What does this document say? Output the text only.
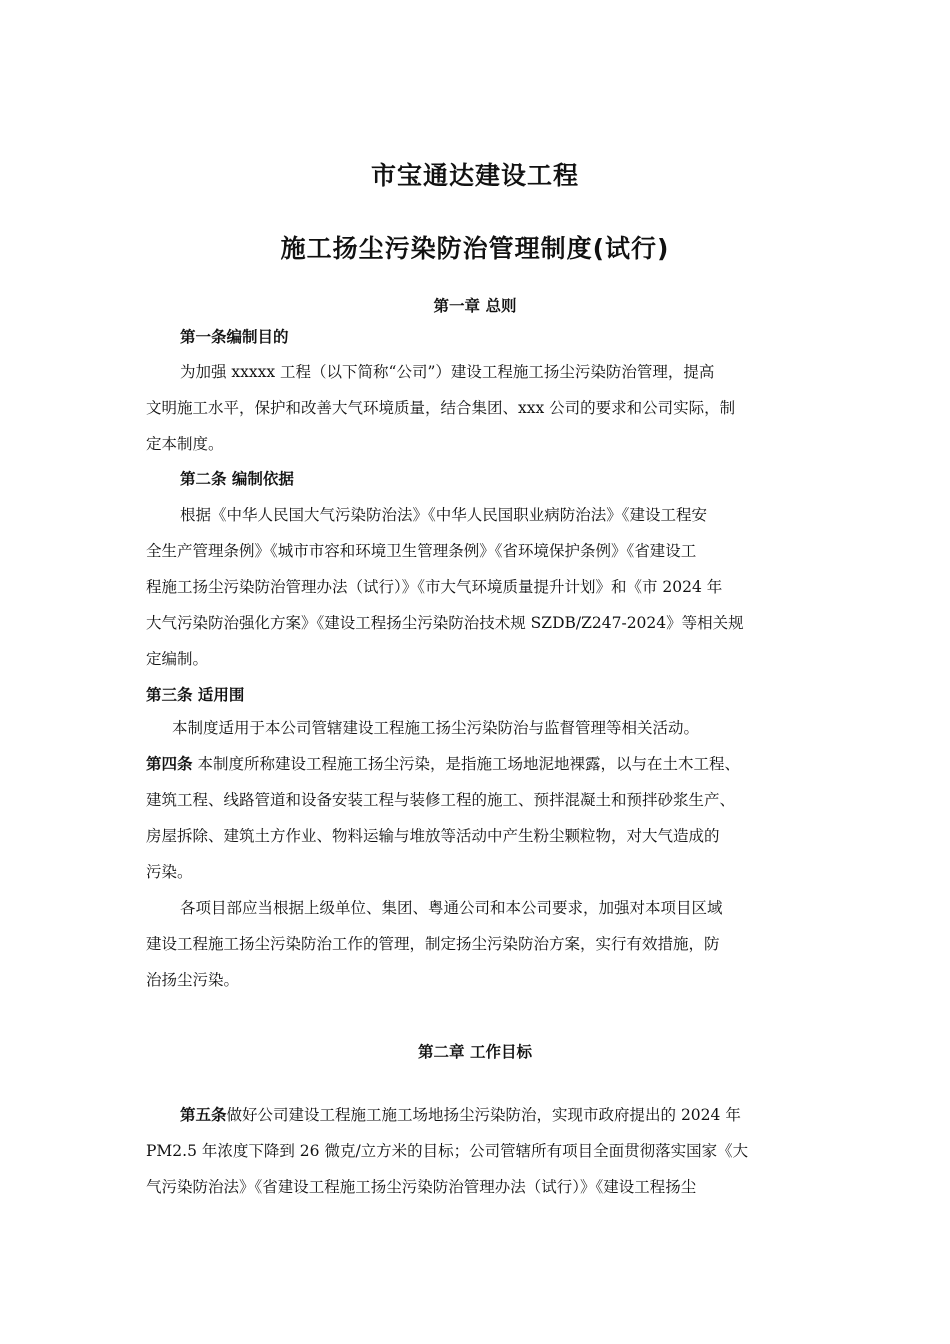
市宝通达建设工程
施工扬尘污染防治管理制度(试行)
第一章 总则

第一条编制目的

为加强 xxxxx 工程（以下简称“公司”）建设工程施工扬尘污染防治管理，提高

文明施工水平，保护和改善大气环境质量，结合集团、xxx 公司的要求和公司实际，制

定本制度。

第二条 编制依据

根据《中华人民国大气污染防治法》《中华人民国职业病防治法》《建设工程安

全生产管理条例》《城市市容和环境卫生管理条例》《省环境保护条例》《省建设工

程施工扬尘污染防治管理办法（试行）》《市大气环境质量提升计划》和《市 2024 年

大气污染防治强化方案》《建设工程扬尘污染防治技术规 SZDB/Z247-2024》等相关规

定编制。

第三条 适用围

本制度适用于本公司管辖建设工程施工扬尘污染防治与监督管理等相关活动。

第四条 本制度所称建设工程施工扬尘污染，是指施工场地泥地裸露，以与在土木工程、

建筑工程、线路管道和设备安装工程与装修工程的施工、预拌混凝土和预拌砂浆生产、

房屋拆除、建筑土方作业、物料运输与堆放等活动中产生粉尘颗粒物，对大气造成的

污染。

各项目部应当根据上级单位、集团、粤通公司和本公司要求，加强对本项目区域

建设工程施工扬尘污染防治工作的管理，制定扬尘污染防治方案，实行有效措施，防

治扬尘污染。

第二章 工作目标

第五条做好公司建设工程施工施工场地扬尘污染防治，实现市政府提出的 2024 年

PM2.5 年浓度下降到 26 微克/立方米的目标；公司管辖所有项目全面贯彻落实国家《大

气污染防治法》《省建设工程施工扬尘污染防治管理办法（试行）》《建设工程扬尘
